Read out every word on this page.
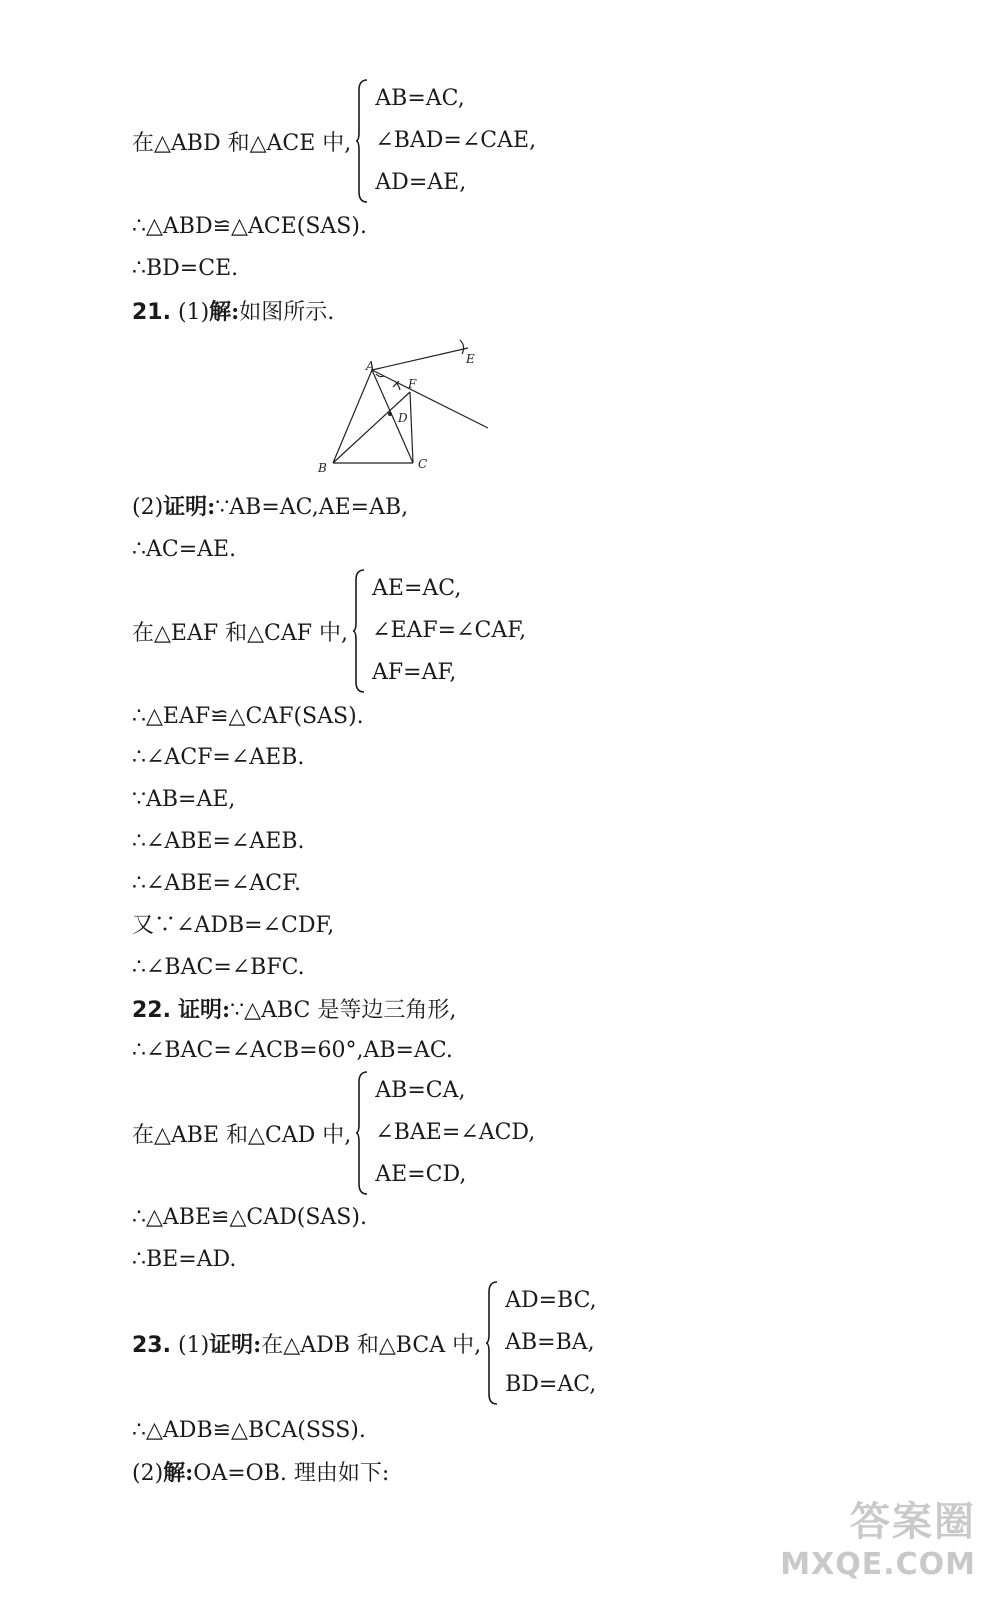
在△ABD 和△ACE 中,
AB=AC,
∠BAD=∠CAE,
AD=AE,
∴△ABD≌△ACE(SAS).
∴BD=CE.
21. (1)解:如图所示.
A
B	C
D
E
F
(2)证明:∵AB=AC,AE=AB,
∴AC=AE.
在△EAF 和△CAF 中,
AE=AC,
∠EAF=∠CAF,
AF=AF,
∴△EAF≌△CAF(SAS).
∴∠ACF=∠AEB.
∵AB=AE,
∴∠ABE=∠AEB.
∴∠ABE=∠ACF.
又∵∠ADB=∠CDF,
∴∠BAC=∠BFC.
22. 证明:∵△ABC 是等边三角形,
∴∠BAC=∠ACB=60°,AB=AC.
在△ABE 和△CAD 中,
AB=CA,
∠BAE=∠ACD,
AE=CD,
∴△ABE≌△CAD(SAS).
∴BE=AD.
23. (1)证明:在△ADB 和△BCA 中,
AD=BC,
AB=BA,
BD=AC,
∴△ADB≌△BCA(SSS).
(2)解:OA=OB. 理由如下:
答案圈
MXQE.COM
